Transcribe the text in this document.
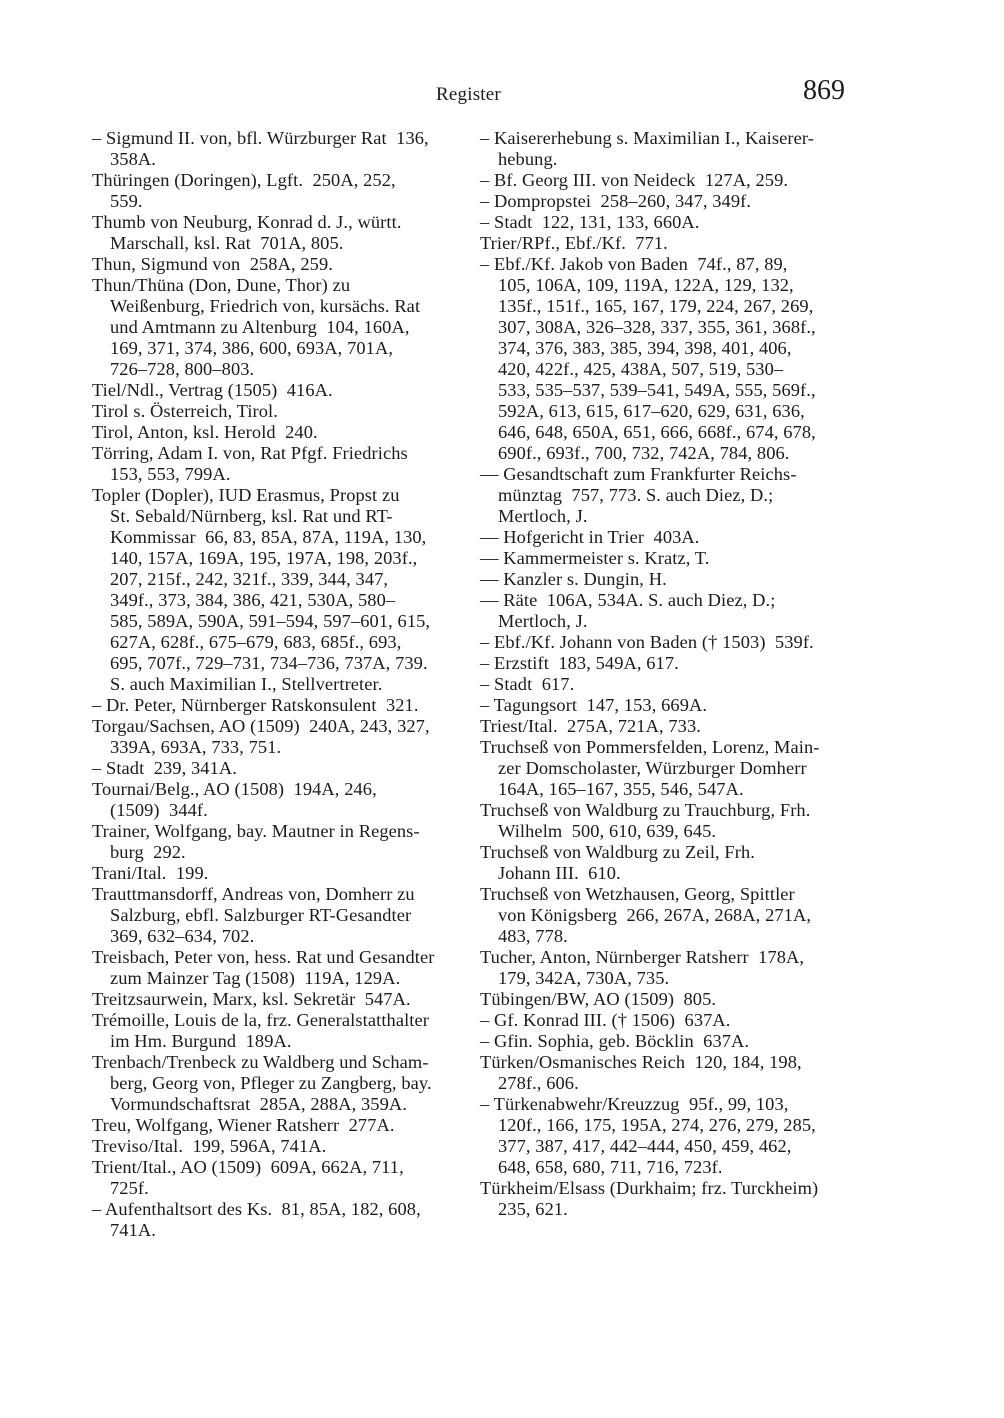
Register	869
– Sigmund II. von, bfl. Würzburger Rat  136,
358A.
Thüringen (Doringen), Lgft.  250A, 252,
559.
Thumb von Neuburg, Konrad d. J., württ.
Marschall, ksl. Rat  701A, 805.
Thun, Sigmund von  258A, 259.
Thun/Thüna (Don, Dune, Thor) zu
Weißenburg, Friedrich von, kursächs. Rat
und Amtmann zu Altenburg  104, 160A,
169, 371, 374, 386, 600, 693A, 701A,
726–728, 800–803.
Tiel/Ndl., Vertrag (1505)  416A.
Tirol s. Österreich, Tirol.
Tirol, Anton, ksl. Herold  240.
Törring, Adam I. von, Rat Pfgf. Friedrichs
153, 553, 799A.
Topler (Dopler), IUD Erasmus, Propst zu
St. Sebald/Nürnberg, ksl. Rat und RT-
Kommissar  66, 83, 85A, 87A, 119A, 130,
140, 157A, 169A, 195, 197A, 198, 203f.,
207, 215f., 242, 321f., 339, 344, 347,
349f., 373, 384, 386, 421, 530A, 580–
585, 589A, 590A, 591–594, 597–601, 615,
627A, 628f., 675–679, 683, 685f., 693,
695, 707f., 729–731, 734–736, 737A, 739.
S. auch Maximilian I., Stellvertreter.
– Dr. Peter, Nürnberger Ratskonsulent  321.
Torgau/Sachsen, AO (1509)  240A, 243, 327,
339A, 693A, 733, 751.
– Stadt  239, 341A.
Tournai/Belg., AO (1508)  194A, 246,
(1509)  344f.
Trainer, Wolfgang, bay. Mautner in Regens-
burg  292.
Trani/Ital.  199.
Trauttmansdorff, Andreas von, Domherr zu
Salzburg, ebfl. Salzburger RT-Gesandter
369, 632–634, 702.
Treisbach, Peter von, hess. Rat und Gesandter
zum Mainzer Tag (1508)  119A, 129A.
Treitzsaurwein, Marx, ksl. Sekretär  547A.
Trémoille, Louis de la, frz. Generalstatthalter
im Hm. Burgund  189A.
Trenbach/Trenbeck zu Waldberg und Scham-
berg, Georg von, Pfleger zu Zangberg, bay.
Vormundschaftsrat  285A, 288A, 359A.
Treu, Wolfgang, Wiener Ratsherr  277A.
Treviso/Ital.  199, 596A, 741A.
Trient/Ital., AO (1509)  609A, 662A, 711,
725f.
– Aufenthaltsort des Ks.  81, 85A, 182, 608,
741A.
– Kaisererhebung s. Maximilian I., Kaiserer-
hebung.
– Bf. Georg III. von Neideck  127A, 259.
– Dompropstei  258–260, 347, 349f.
– Stadt  122, 131, 133, 660A.
Trier/RPf., Ebf./Kf.  771.
– Ebf./Kf. Jakob von Baden  74f., 87, 89,
105, 106A, 109, 119A, 122A, 129, 132,
135f., 151f., 165, 167, 179, 224, 267, 269,
307, 308A, 326–328, 337, 355, 361, 368f.,
374, 376, 383, 385, 394, 398, 401, 406,
420, 422f., 425, 438A, 507, 519, 530–
533, 535–537, 539–541, 549A, 555, 569f.,
592A, 613, 615, 617–620, 629, 631, 636,
646, 648, 650A, 651, 666, 668f., 674, 678,
690f., 693f., 700, 732, 742A, 784, 806.
–– Gesandtschaft zum Frankfurter Reichs-
münztag  757, 773. S. auch Diez, D.;
Mertloch, J.
–– Hofgericht in Trier  403A.
–– Kammermeister s. Kratz, T.
–– Kanzler s. Dungin, H.
–– Räte  106A, 534A. S. auch Diez, D.;
Mertloch, J.
– Ebf./Kf. Johann von Baden († 1503)  539f.
– Erzstift  183, 549A, 617.
– Stadt  617.
– Tagungsort  147, 153, 669A.
Triest/Ital.  275A, 721A, 733.
Truchseß von Pommersfelden, Lorenz, Main-
zer Domscholaster, Würzburger Domherr
164A, 165–167, 355, 546, 547A.
Truchseß von Waldburg zu Trauchburg, Frh.
Wilhelm  500, 610, 639, 645.
Truchseß von Waldburg zu Zeil, Frh.
Johann III.  610.
Truchseß von Wetzhausen, Georg, Spittler
von Königsberg  266, 267A, 268A, 271A,
483, 778.
Tucher, Anton, Nürnberger Ratsherr  178A,
179, 342A, 730A, 735.
Tübingen/BW, AO (1509)  805.
– Gf. Konrad III. († 1506)  637A.
– Gfin. Sophia, geb. Böcklin  637A.
Türken/Osmanisches Reich  120, 184, 198,
278f., 606.
– Türkenabwehr/Kreuzzug  95f., 99, 103,
120f., 166, 175, 195A, 274, 276, 279, 285,
377, 387, 417, 442–444, 450, 459, 462,
648, 658, 680, 711, 716, 723f.
Türkheim/Elsass (Durkhaim; frz. Turckheim)
235, 621.
